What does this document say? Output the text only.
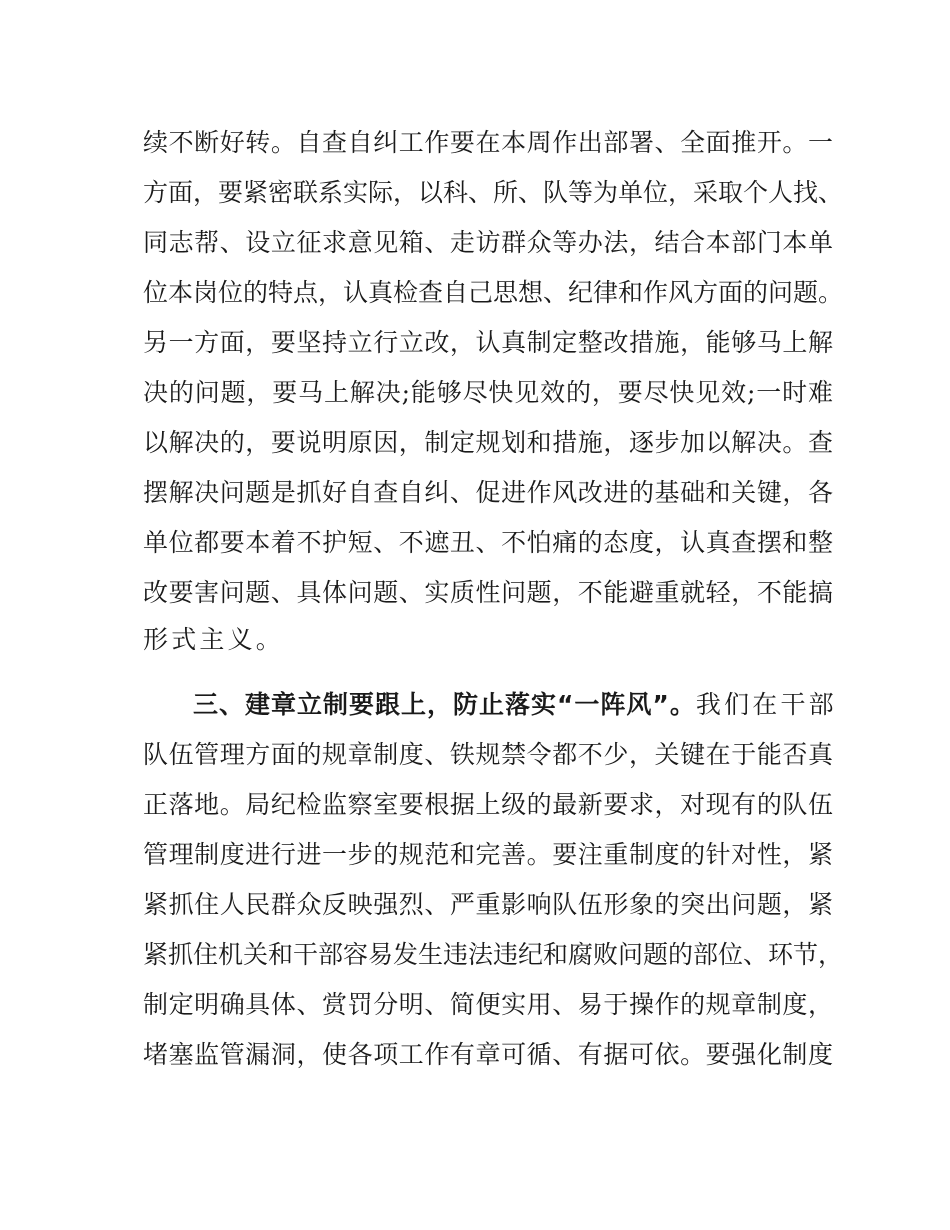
续不断好转。自查自纠工作要在本周作出部署、全面推开。一
方面，要紧密联系实际，以科、所、队等为单位，采取个人找、
同志帮、设立征求意见箱、走访群众等办法，结合本部门本单
位本岗位的特点，认真检查自己思想、纪律和作风方面的问题。
另一方面，要坚持立行立改，认真制定整改措施，能够马上解
决的问题，要马上解决;能够尽快见效的，要尽快见效;一时难
以解决的，要说明原因，制定规划和措施，逐步加以解决。查
摆解决问题是抓好自查自纠、促进作风改进的基础和关键，各
单位都要本着不护短、不遮丑、不怕痛的态度，认真查摆和整
改要害问题、具体问题、实质性问题，不能避重就轻，不能搞
形式主义。
三、建章立制要跟上，防止落实“一阵风”。我们在干部
队伍管理方面的规章制度、铁规禁令都不少，关键在于能否真
正落地。局纪检监察室要根据上级的最新要求，对现有的队伍
管理制度进行进一步的规范和完善。要注重制度的针对性，紧
紧抓住人民群众反映强烈、严重影响队伍形象的突出问题，紧
紧抓住机关和干部容易发生违法违纪和腐败问题的部位、环节，
制定明确具体、赏罚分明、简便实用、易于操作的规章制度，
堵塞监管漏洞，使各项工作有章可循、有据可依。要强化制度
